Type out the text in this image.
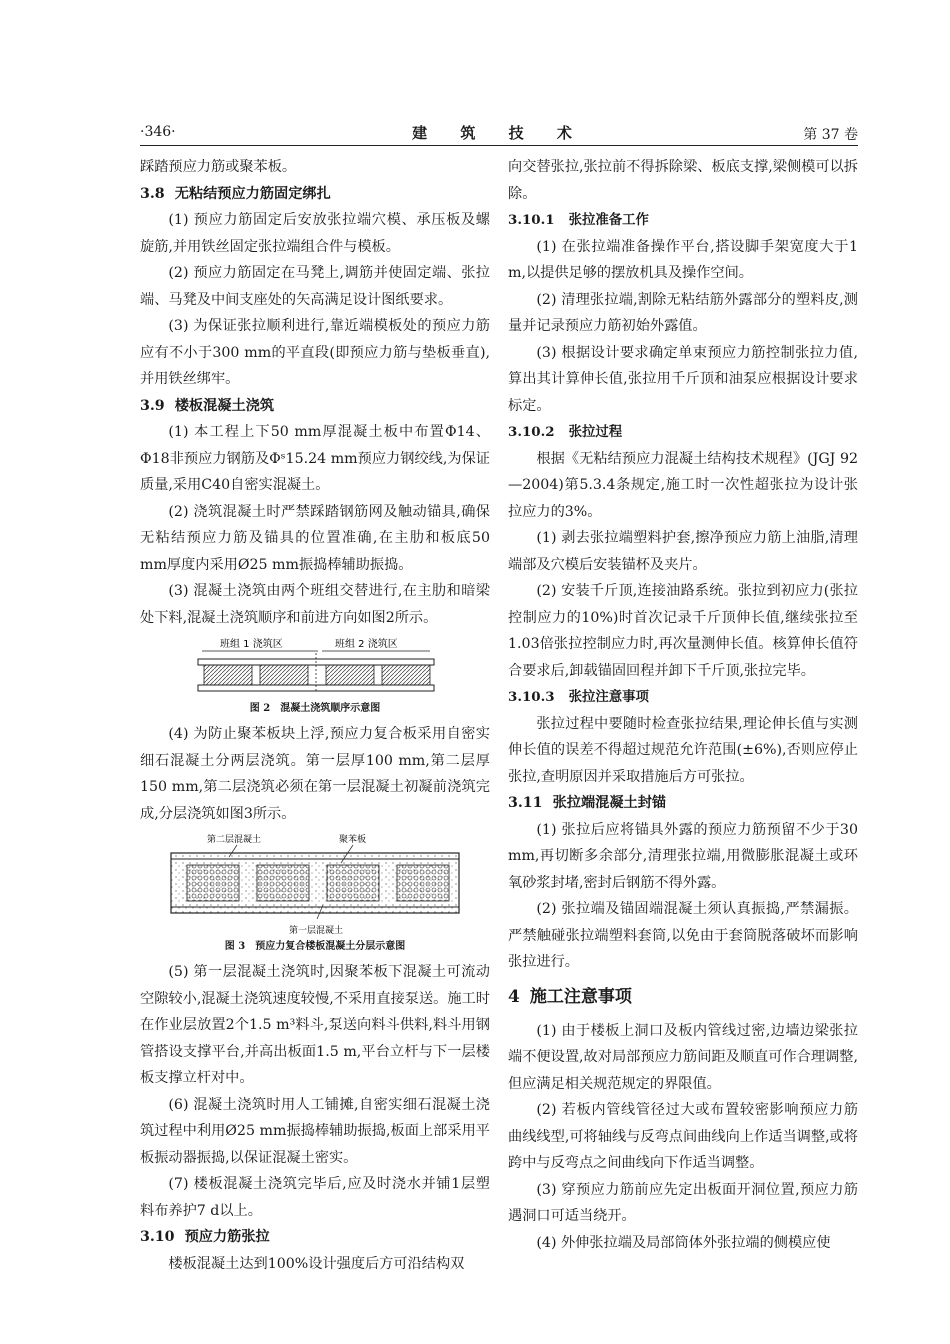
·346·	建 筑 技 术	第 37 卷

踩踏预应力筋或聚苯板。

3.8 无粘结预应力筋固定绑扎

(1) 预应力筋固定后安放张拉端穴模、承压板及螺旋筋,并用铁丝固定张拉端组合件与模板。

(2) 预应力筋固定在马凳上,调筋并使固定端、张拉端、马凳及中间支座处的矢高满足设计图纸要求。

(3) 为保证张拉顺利进行,靠近端模板处的预应力筋应有不小于300 mm的平直段(即预应力筋与垫板垂直),并用铁丝绑牢。

3.9 楼板混凝土浇筑

(1) 本工程上下50 mm厚混凝土板中布置Φ14、Φ18非预应力钢筋及Φˢ15.24 mm预应力钢绞线,为保证质量,采用C40自密实混凝土。

(2) 浇筑混凝土时严禁踩踏钢筋网及触动锚具,确保无粘结预应力筋及锚具的位置准确,在主肋和板底50 mm厚度内采用Ø25 mm振捣棒辅助振捣。

(3) 混凝土浇筑由两个班组交替进行,在主肋和暗梁处下料,混凝土浇筑顺序和前进方向如图2所示。

班组 1 浇筑区	班组 2 浇筑区
图 2 混凝土浇筑顺序示意图

(4) 为防止聚苯板块上浮,预应力复合板采用自密实细石混凝土分两层浇筑。第一层厚100 mm,第二层厚150 mm,第二层浇筑必须在第一层混凝土初凝前浇筑完成,分层浇筑如图3所示。

第二层混凝土	聚苯板
第一层混凝土
图 3 预应力复合楼板混凝土分层示意图

(5) 第一层混凝土浇筑时,因聚苯板下混凝土可流动空隙较小,混凝土浇筑速度较慢,不采用直接泵送。施工时在作业层放置2个1.5 m³料斗,泵送向料斗供料,料斗用钢管搭设支撑平台,并高出板面1.5 m,平台立杆与下一层楼板支撑立杆对中。

(6) 混凝土浇筑时用人工铺摊,自密实细石混凝土浇筑过程中利用Ø25 mm振捣棒辅助振捣,板面上部采用平板振动器振捣,以保证混凝土密实。

(7) 楼板混凝土浇筑完毕后,应及时浇水并铺1层塑料布养护7 d以上。

3.10 预应力筋张拉

楼板混凝土达到100%设计强度后方可沿结构双

向交替张拉,张拉前不得拆除梁、板底支撑,梁侧模可以拆除。

3.10.1 张拉准备工作

(1) 在张拉端准备操作平台,搭设脚手架宽度大于1 m,以提供足够的摆放机具及操作空间。

(2) 清理张拉端,割除无粘结筋外露部分的塑料皮,测量并记录预应力筋初始外露值。

(3) 根据设计要求确定单束预应力筋控制张拉力值,算出其计算伸长值,张拉用千斤顶和油泵应根据设计要求标定。

3.10.2 张拉过程

根据《无粘结预应力混凝土结构技术规程》(JGJ 92—2004)第5.3.4条规定,施工时一次性超张拉为设计张拉应力的3%。

(1) 剥去张拉端塑料护套,擦净预应力筋上油脂,清理端部及穴模后安装锚杯及夹片。

(2) 安装千斤顶,连接油路系统。张拉到初应力(张拉控制应力的10%)时首次记录千斤顶伸长值,继续张拉至1.03倍张拉控制应力时,再次量测伸长值。核算伸长值符合要求后,卸载锚固回程并卸下千斤顶,张拉完毕。

3.10.3 张拉注意事项

张拉过程中要随时检查张拉结果,理论伸长值与实测伸长值的误差不得超过规范允许范围(±6%),否则应停止张拉,查明原因并采取措施后方可张拉。

3.11 张拉端混凝土封锚

(1) 张拉后应将锚具外露的预应力筋预留不少于30 mm,再切断多余部分,清理张拉端,用微膨胀混凝土或环氧砂浆封堵,密封后钢筋不得外露。

(2) 张拉端及锚固端混凝土须认真振捣,严禁漏振。严禁触碰张拉端塑料套筒,以免由于套筒脱落破坏而影响张拉进行。

4 施工注意事项

(1) 由于楼板上洞口及板内管线过密,边墙边梁张拉端不便设置,故对局部预应力筋间距及顺直可作合理调整,但应满足相关规范规定的界限值。

(2) 若板内管线管径过大或布置较密影响预应力筋曲线线型,可将轴线与反弯点间曲线向上作适当调整,或将跨中与反弯点之间曲线向下作适当调整。

(3) 穿预应力筋前应先定出板面开洞位置,预应力筋遇洞口可适当绕开。

(4) 外伸张拉端及局部筒体外张拉端的侧模应使
